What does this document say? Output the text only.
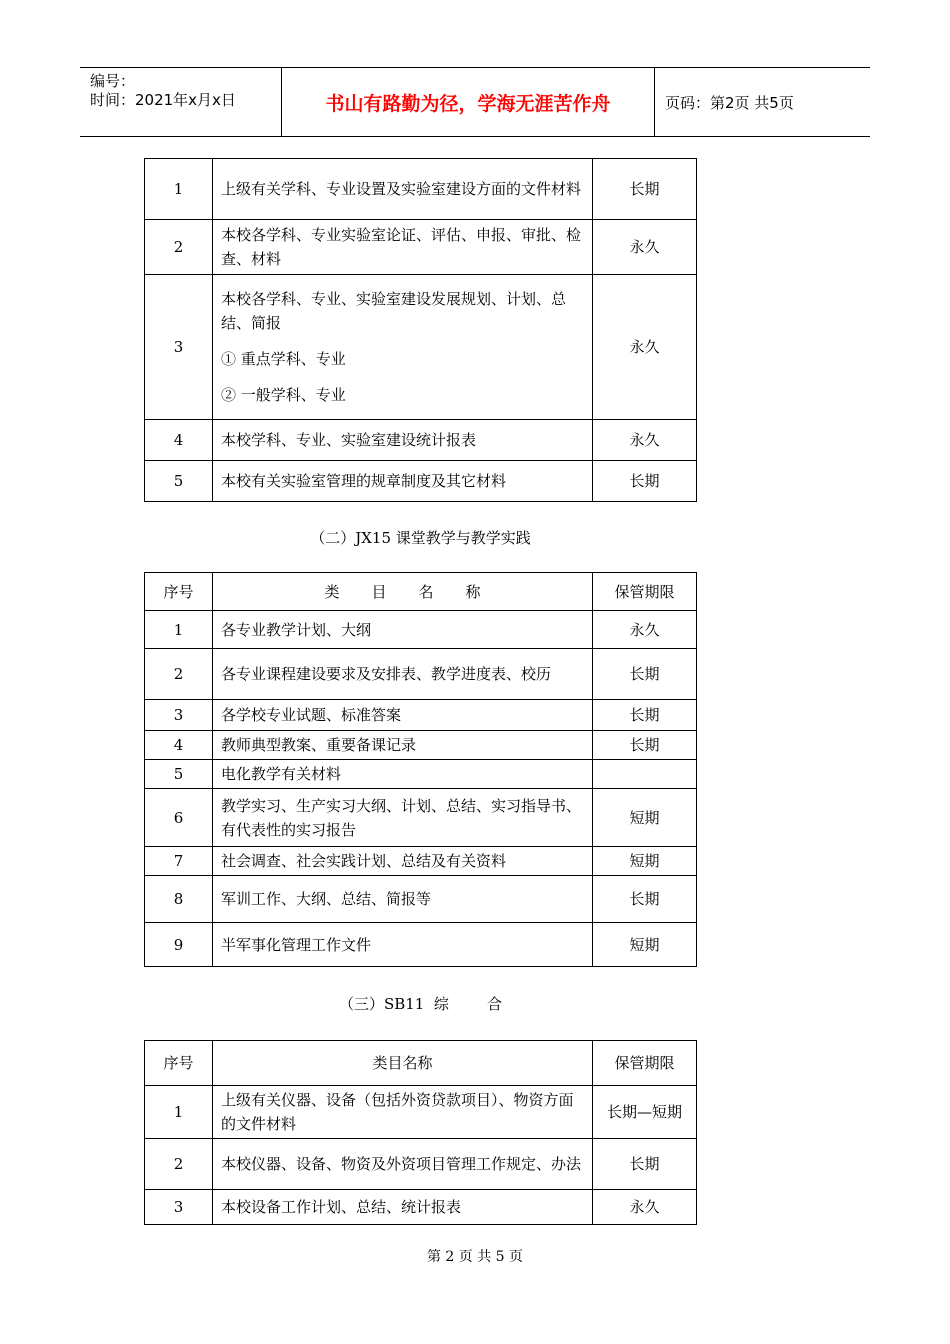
编号：
时间：2021年x月x日	书山有路勤为径，学海无涯苦作舟	页码：第2页 共5页
1	上级有关学科、专业设置及实验室建设方面的文件材料	长期
2	本校各学科、专业实验室论证、评估、申报、审批、检查、材料	永久
3	本校各学科、专业、实验室建设发展规划、计划、总结、简报
① 重点学科、专业
② 一般学科、专业	永久
4	本校学科、专业、实验室建设统计报表	永久
5	本校有关实验室管理的规章制度及其它材料	长期
（二）JX15 课堂教学与教学实践
序号	类 目 名 称	保管期限
1	各专业教学计划、大纲	永久
2	各专业课程建设要求及安排表、教学进度表、校历	长期
3	各学校专业试题、标准答案	长期
4	教师典型教案、重要备课记录	长期
5	电化教学有关材料	
6	教学实习、生产实习大纲、计划、总结、实习指导书、有代表性的实习报告	短期
7	社会调查、社会实践计划、总结及有关资料	短期
8	军训工作、大纲、总结、简报等	长期
9	半军事化管理工作文件	短期
（三）SB11  综        合
序号	类目名称	保管期限
1	上级有关仪器、设备（包括外资贷款项目）、物资方面的文件材料	长期—短期
2	本校仪器、设备、物资及外资项目管理工作规定、办法	长期
3	本校设备工作计划、总结、统计报表	永久
第 2 页 共 5 页
